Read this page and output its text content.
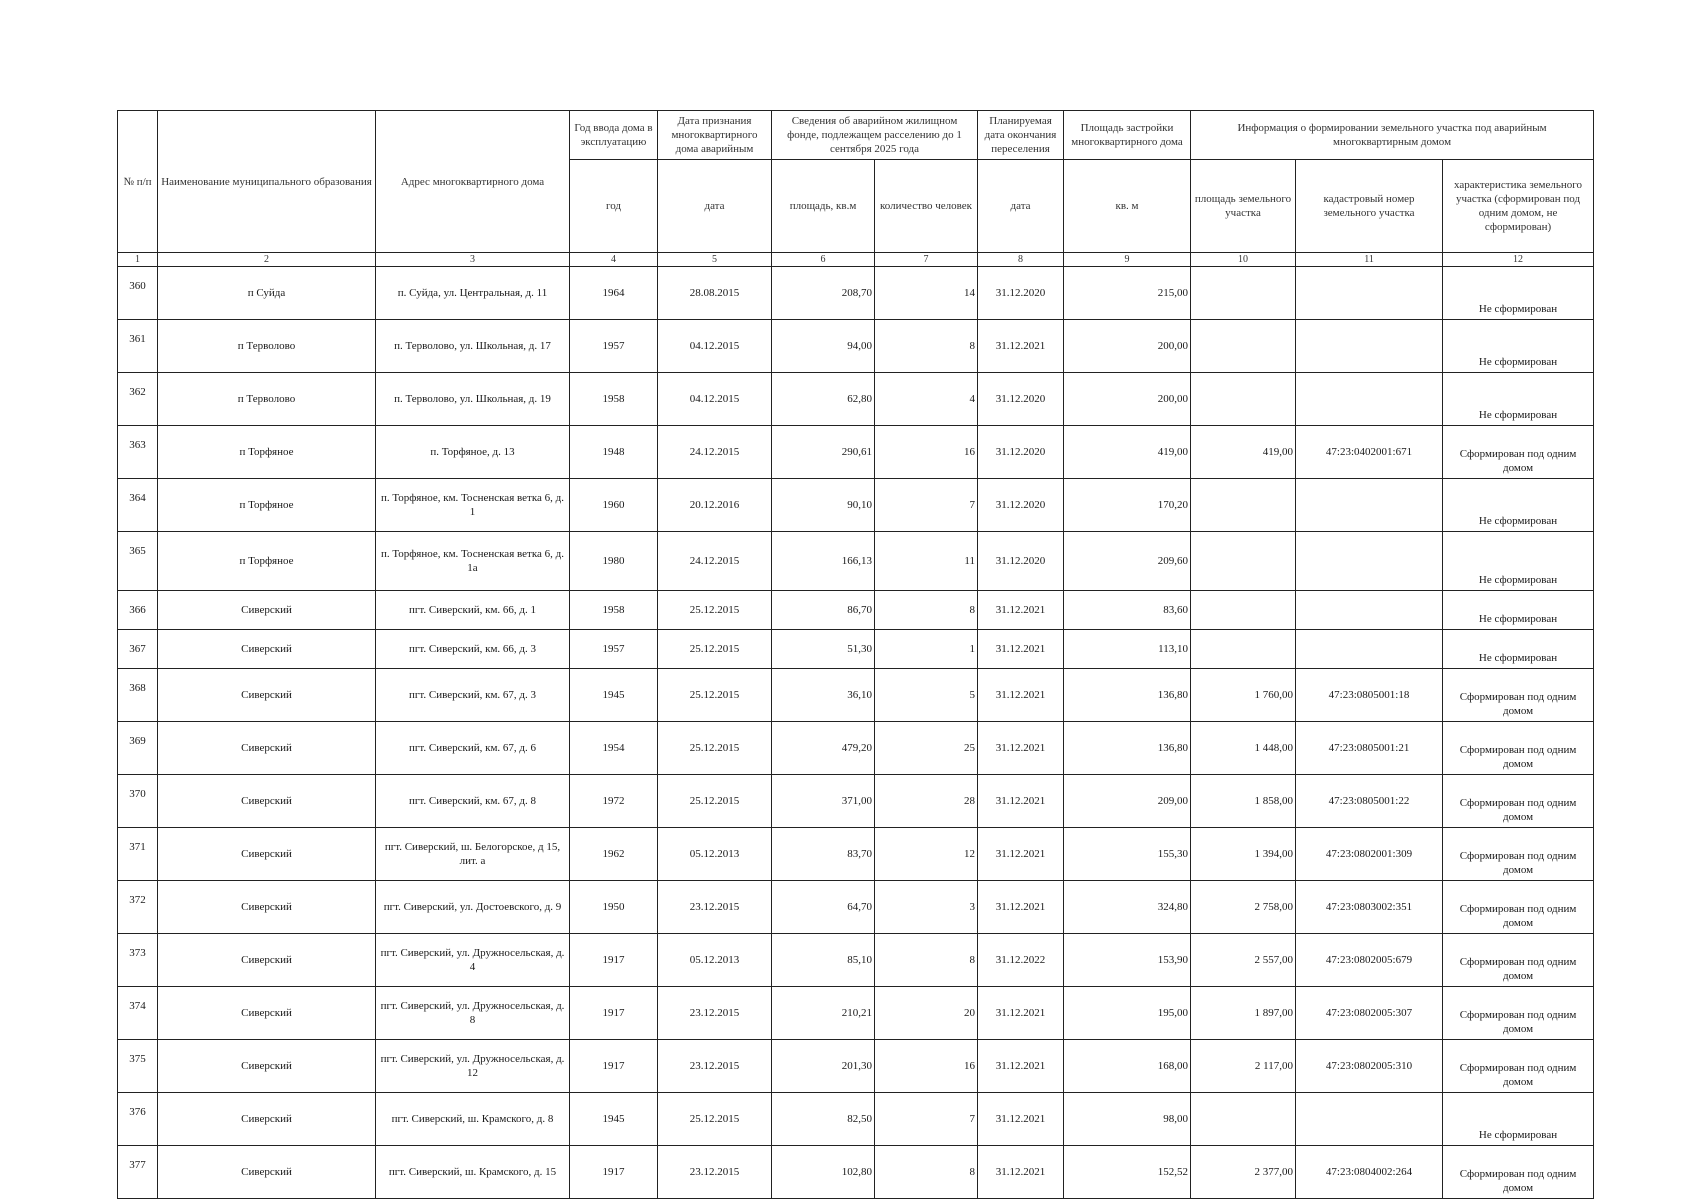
№ п/п	Наименование муниципального образования	Адрес многоквартирного дома	Год ввода дома в эксплуатацию	Дата признания многоквартирного дома аварийным	Сведения об аварийном жилищном фонде, подлежащем расселению до 1 сентября 2025 года		Планируемая дата окончания переселения	Площадь застройки многоквартирного дома	Информация о формировании земельного участка под аварийным многоквартирным домом		
									площадь земельного участка	кадастровый номер земельного участка	характеристика земельного участка (сформирован под одним домом, не сформирован)
			год	дата	площадь, кв.м	количество человек	дата	кв. м			
1	2	3	4	5	6	7	8	9	10	11	12
360	п Суйда	п. Суйда, ул. Центральная, д. 11	1964	28.08.2015	208,70	14	31.12.2020	215,00			Не сформирован
361	п Терволово	п. Терволово, ул. Школьная, д. 17	1957	04.12.2015	94,00	8	31.12.2021	200,00			Не сформирован
362	п Терволово	п. Терволово, ул. Школьная, д. 19	1958	04.12.2015	62,80	4	31.12.2020	200,00			Не сформирован
363	п Торфяное	п. Торфяное, д. 13	1948	24.12.2015	290,61	16	31.12.2020	419,00	419,00	47:23:0402001:671	Сформирован под одним домом
364	п Торфяное	п. Торфяное, км. Тосненская ветка 6, д. 1	1960	20.12.2016	90,10	7	31.12.2020	170,20			Не сформирован
365	п Торфяное	п. Торфяное, км. Тосненская ветка 6, д. 1а	1980	24.12.2015	166,13	11	31.12.2020	209,60			Не сформирован
366	Сиверский	пгт. Сиверский, км. 66, д. 1	1958	25.12.2015	86,70	8	31.12.2021	83,60			Не сформирован
367	Сиверский	пгт. Сиверский, км. 66, д. 3	1957	25.12.2015	51,30	1	31.12.2021	113,10			Не сформирован
368	Сиверский	пгт. Сиверский, км. 67, д. 3	1945	25.12.2015	36,10	5	31.12.2021	136,80	1 760,00	47:23:0805001:18	Сформирован под одним домом
369	Сиверский	пгт. Сиверский, км. 67, д. 6	1954	25.12.2015	479,20	25	31.12.2021	136,80	1 448,00	47:23:0805001:21	Сформирован под одним домом
370	Сиверский	пгт. Сиверский, км. 67, д. 8	1972	25.12.2015	371,00	28	31.12.2021	209,00	1 858,00	47:23:0805001:22	Сформирован под одним домом
371	Сиверский	пгт. Сиверский, ш. Белогорское, д 15, лит. а	1962	05.12.2013	83,70	12	31.12.2021	155,30	1 394,00	47:23:0802001:309	Сформирован под одним домом
372	Сиверский	пгт. Сиверский, ул. Достоевского, д. 9	1950	23.12.2015	64,70	3	31.12.2021	324,80	2 758,00	47:23:0803002:351	Сформирован под одним домом
373	Сиверский	пгт. Сиверский, ул. Дружносельская, д. 4	1917	05.12.2013	85,10	8	31.12.2022	153,90	2 557,00	47:23:0802005:679	Сформирован под одним домом
374	Сиверский	пгт. Сиверский, ул. Дружносельская, д. 8	1917	23.12.2015	210,21	20	31.12.2021	195,00	1 897,00	47:23:0802005:307	Сформирован под одним домом
375	Сиверский	пгт. Сиверский, ул. Дружносельская, д. 12	1917	23.12.2015	201,30	16	31.12.2021	168,00	2 117,00	47:23:0802005:310	Сформирован под одним домом
376	Сиверский	пгт. Сиверский, ш. Крамского, д. 8	1945	25.12.2015	82,50	7	31.12.2021	98,00			Не сформирован
377	Сиверский	пгт. Сиверский, ш. Крамского, д. 15	1917	23.12.2015	102,80	8	31.12.2021	152,52	2 377,00	47:23:0804002:264	Сформирован под одним домом
